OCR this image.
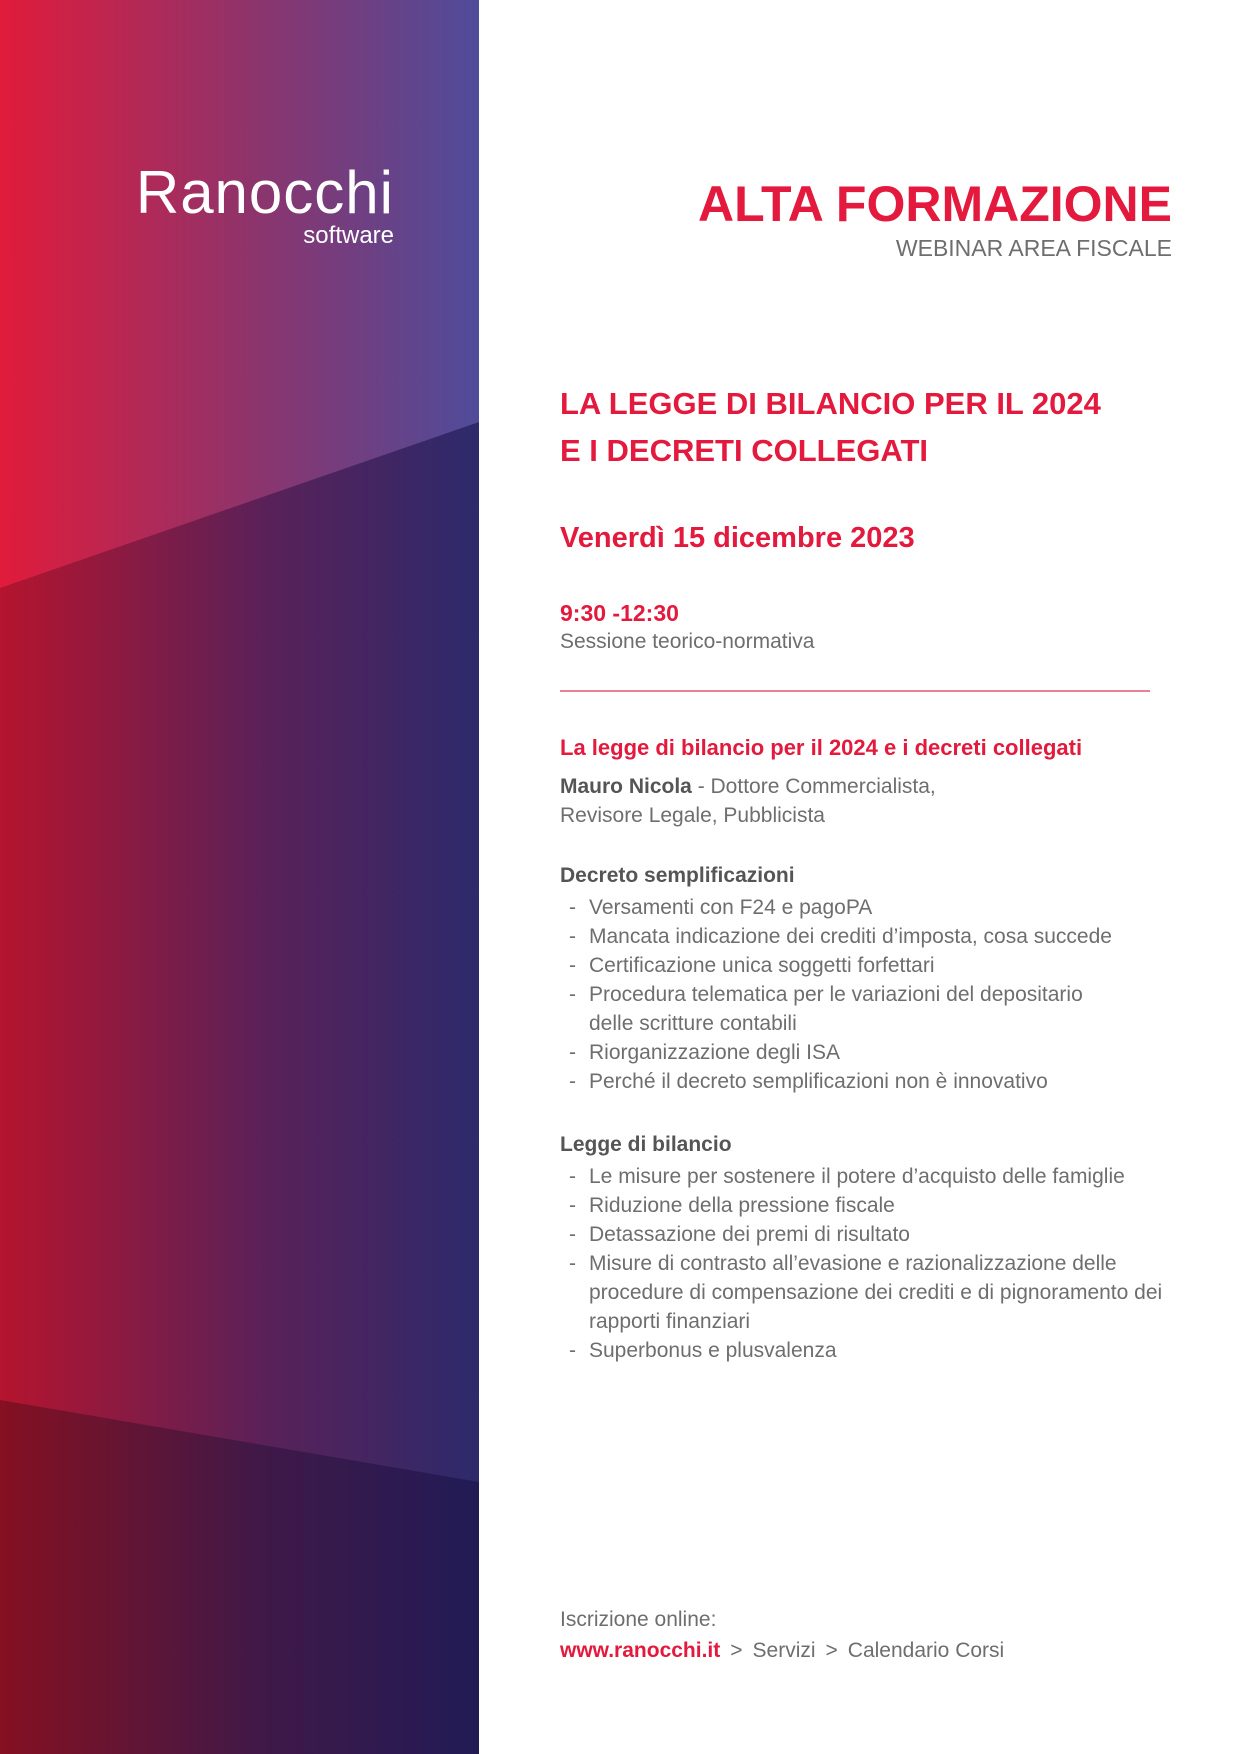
Ranocchi
software
ALTA FORMAZIONE
WEBINAR AREA FISCALE
LA LEGGE DI BILANCIO PER IL 2024
E I DECRETI COLLEGATI
Venerdì 15 dicembre 2023
9:30 -12:30
Sessione teorico-normativa
La legge di bilancio per il 2024 e i decreti collegati
Mauro Nicola - Dottore Commercialista,
Revisore Legale, Pubblicista
Decreto semplificazioni
- Versamenti con F24 e pagoPA
- Mancata indicazione dei crediti d’imposta, cosa succede
- Certificazione unica soggetti forfettari
- Procedura telematica per le variazioni del depositario delle scritture contabili
- Riorganizzazione degli ISA
- Perché il decreto semplificazioni non è innovativo
Legge di bilancio
- Le misure per sostenere il potere d’acquisto delle famiglie
- Riduzione della pressione fiscale
- Detassazione dei premi di risultato
- Misure di contrasto all’evasione e razionalizzazione delle procedure di compensazione dei crediti e di pignoramento dei rapporti finanziari
- Superbonus e plusvalenza
Iscrizione online:
www.ranocchi.it > Servizi > Calendario Corsi
